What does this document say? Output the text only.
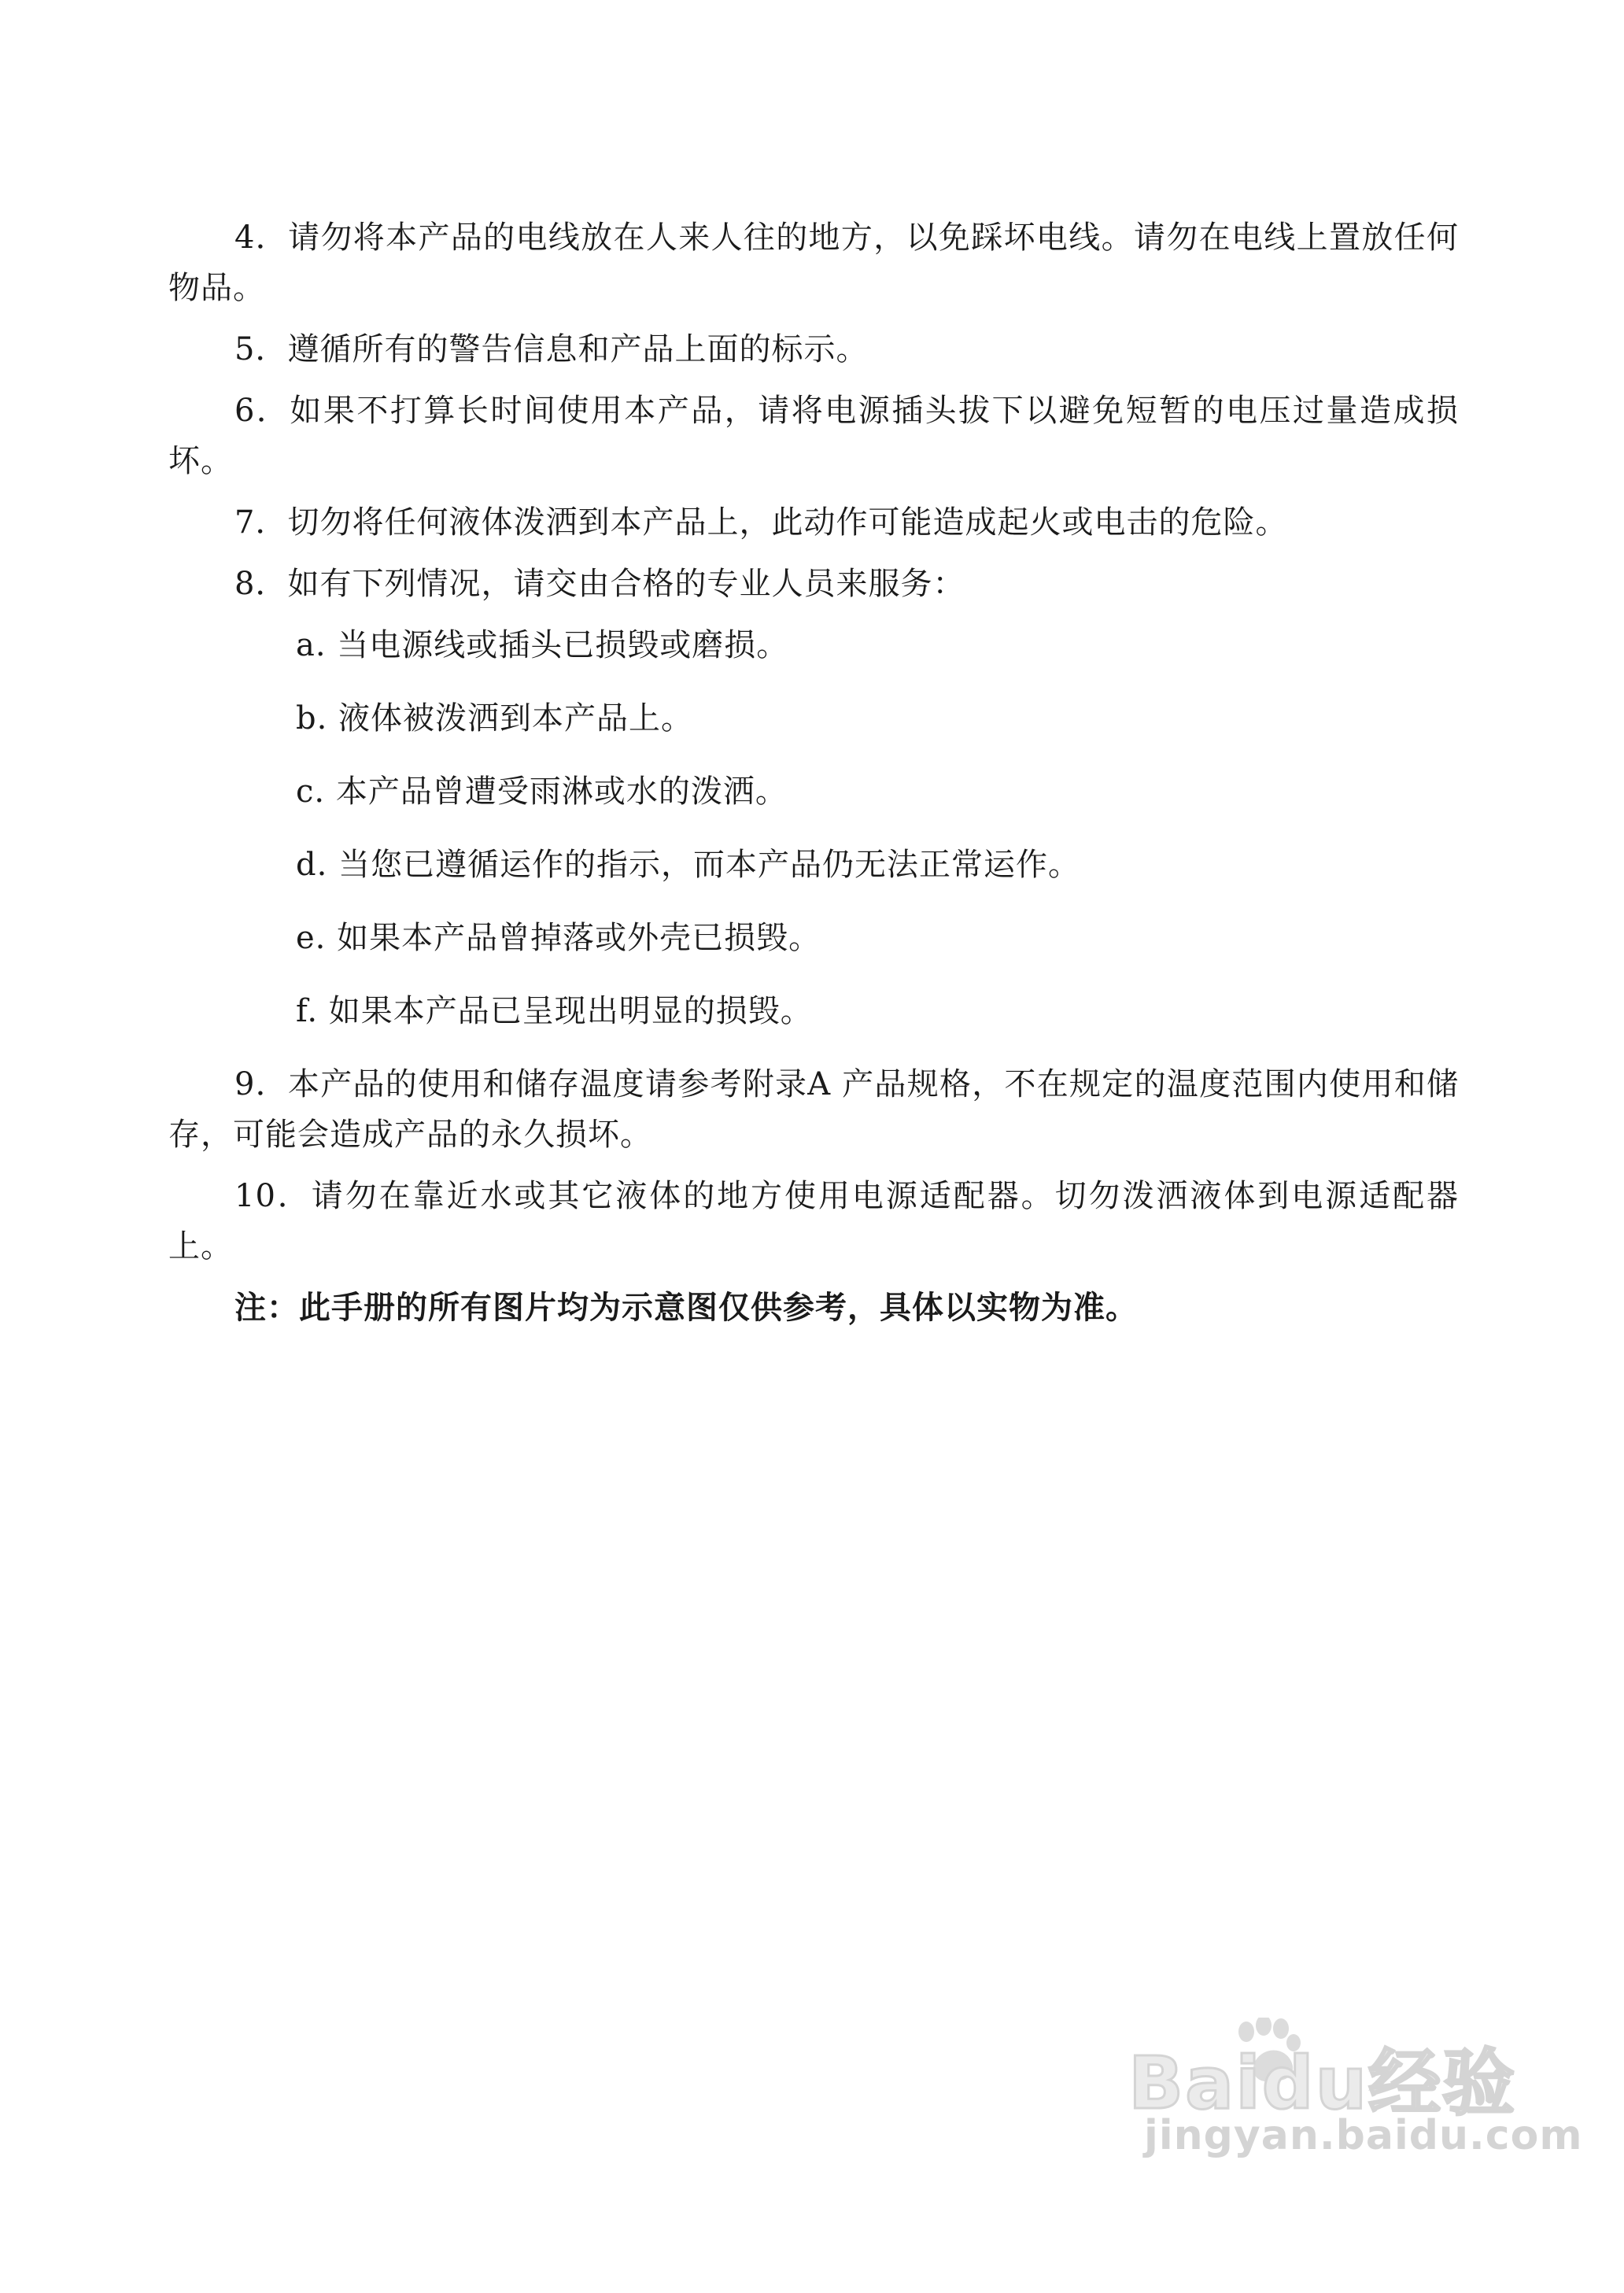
4．请勿将本产品的电线放在人来人往的地方，以免踩坏电线。请勿在电线上置放任何物品。

5．遵循所有的警告信息和产品上面的标示。

6．如果不打算长时间使用本产品，请将电源插头拔下以避免短暂的电压过量造成损坏。

7．切勿将任何液体泼洒到本产品上，此动作可能造成起火或电击的危险。

8．如有下列情况，请交由合格的专业人员来服务：

a. 当电源线或插头已损毁或磨损。
b. 液体被泼洒到本产品上。
c. 本产品曾遭受雨淋或水的泼洒。
d. 当您已遵循运作的指示，而本产品仍无法正常运作。
e. 如果本产品曾掉落或外壳已损毁。
f. 如果本产品已呈现出明显的损毁。

9．本产品的使用和储存温度请参考附录A 产品规格，不在规定的温度范围内使用和储存，可能会造成产品的永久损坏。

10．请勿在靠近水或其它液体的地方使用电源适配器。切勿泼洒液体到电源适配器上。

注：此手册的所有图片均为示意图仅供参考，具体以实物为准。

Baidu经验
jingyan.baidu.com
